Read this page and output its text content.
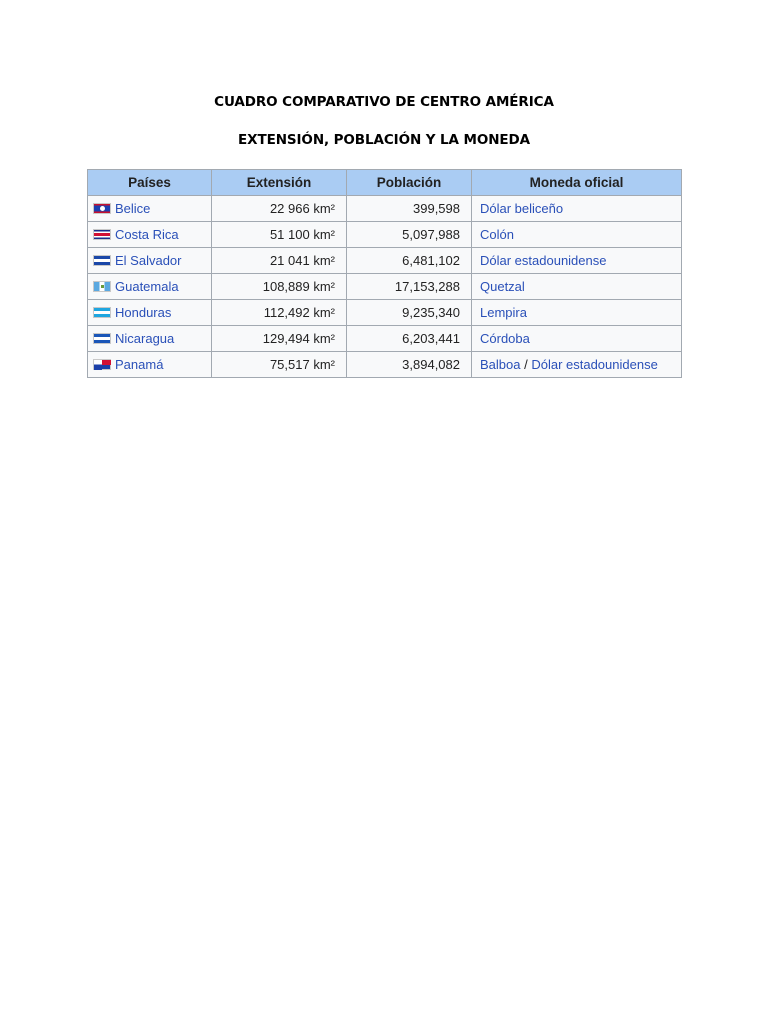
CUADRO COMPARATIVO DE CENTRO AMÉRICA
EXTENSIÓN, POBLACIÓN Y LA MONEDA
Países	Extensión	Población	Moneda oficial
Belice	22 966 km²	399,598	Dólar beliceño
Costa Rica	51 100 km²	5,097,988	Colón
El Salvador	21 041 km²	6,481,102	Dólar estadounidense
Guatemala	108,889 km²	17,153,288	Quetzal
Honduras	112,492 km²	9,235,340	Lempira
Nicaragua	129,494 km²	6,203,441	Córdoba
Panamá	75,517 km²	3,894,082	Balboa / Dólar estadounidense
